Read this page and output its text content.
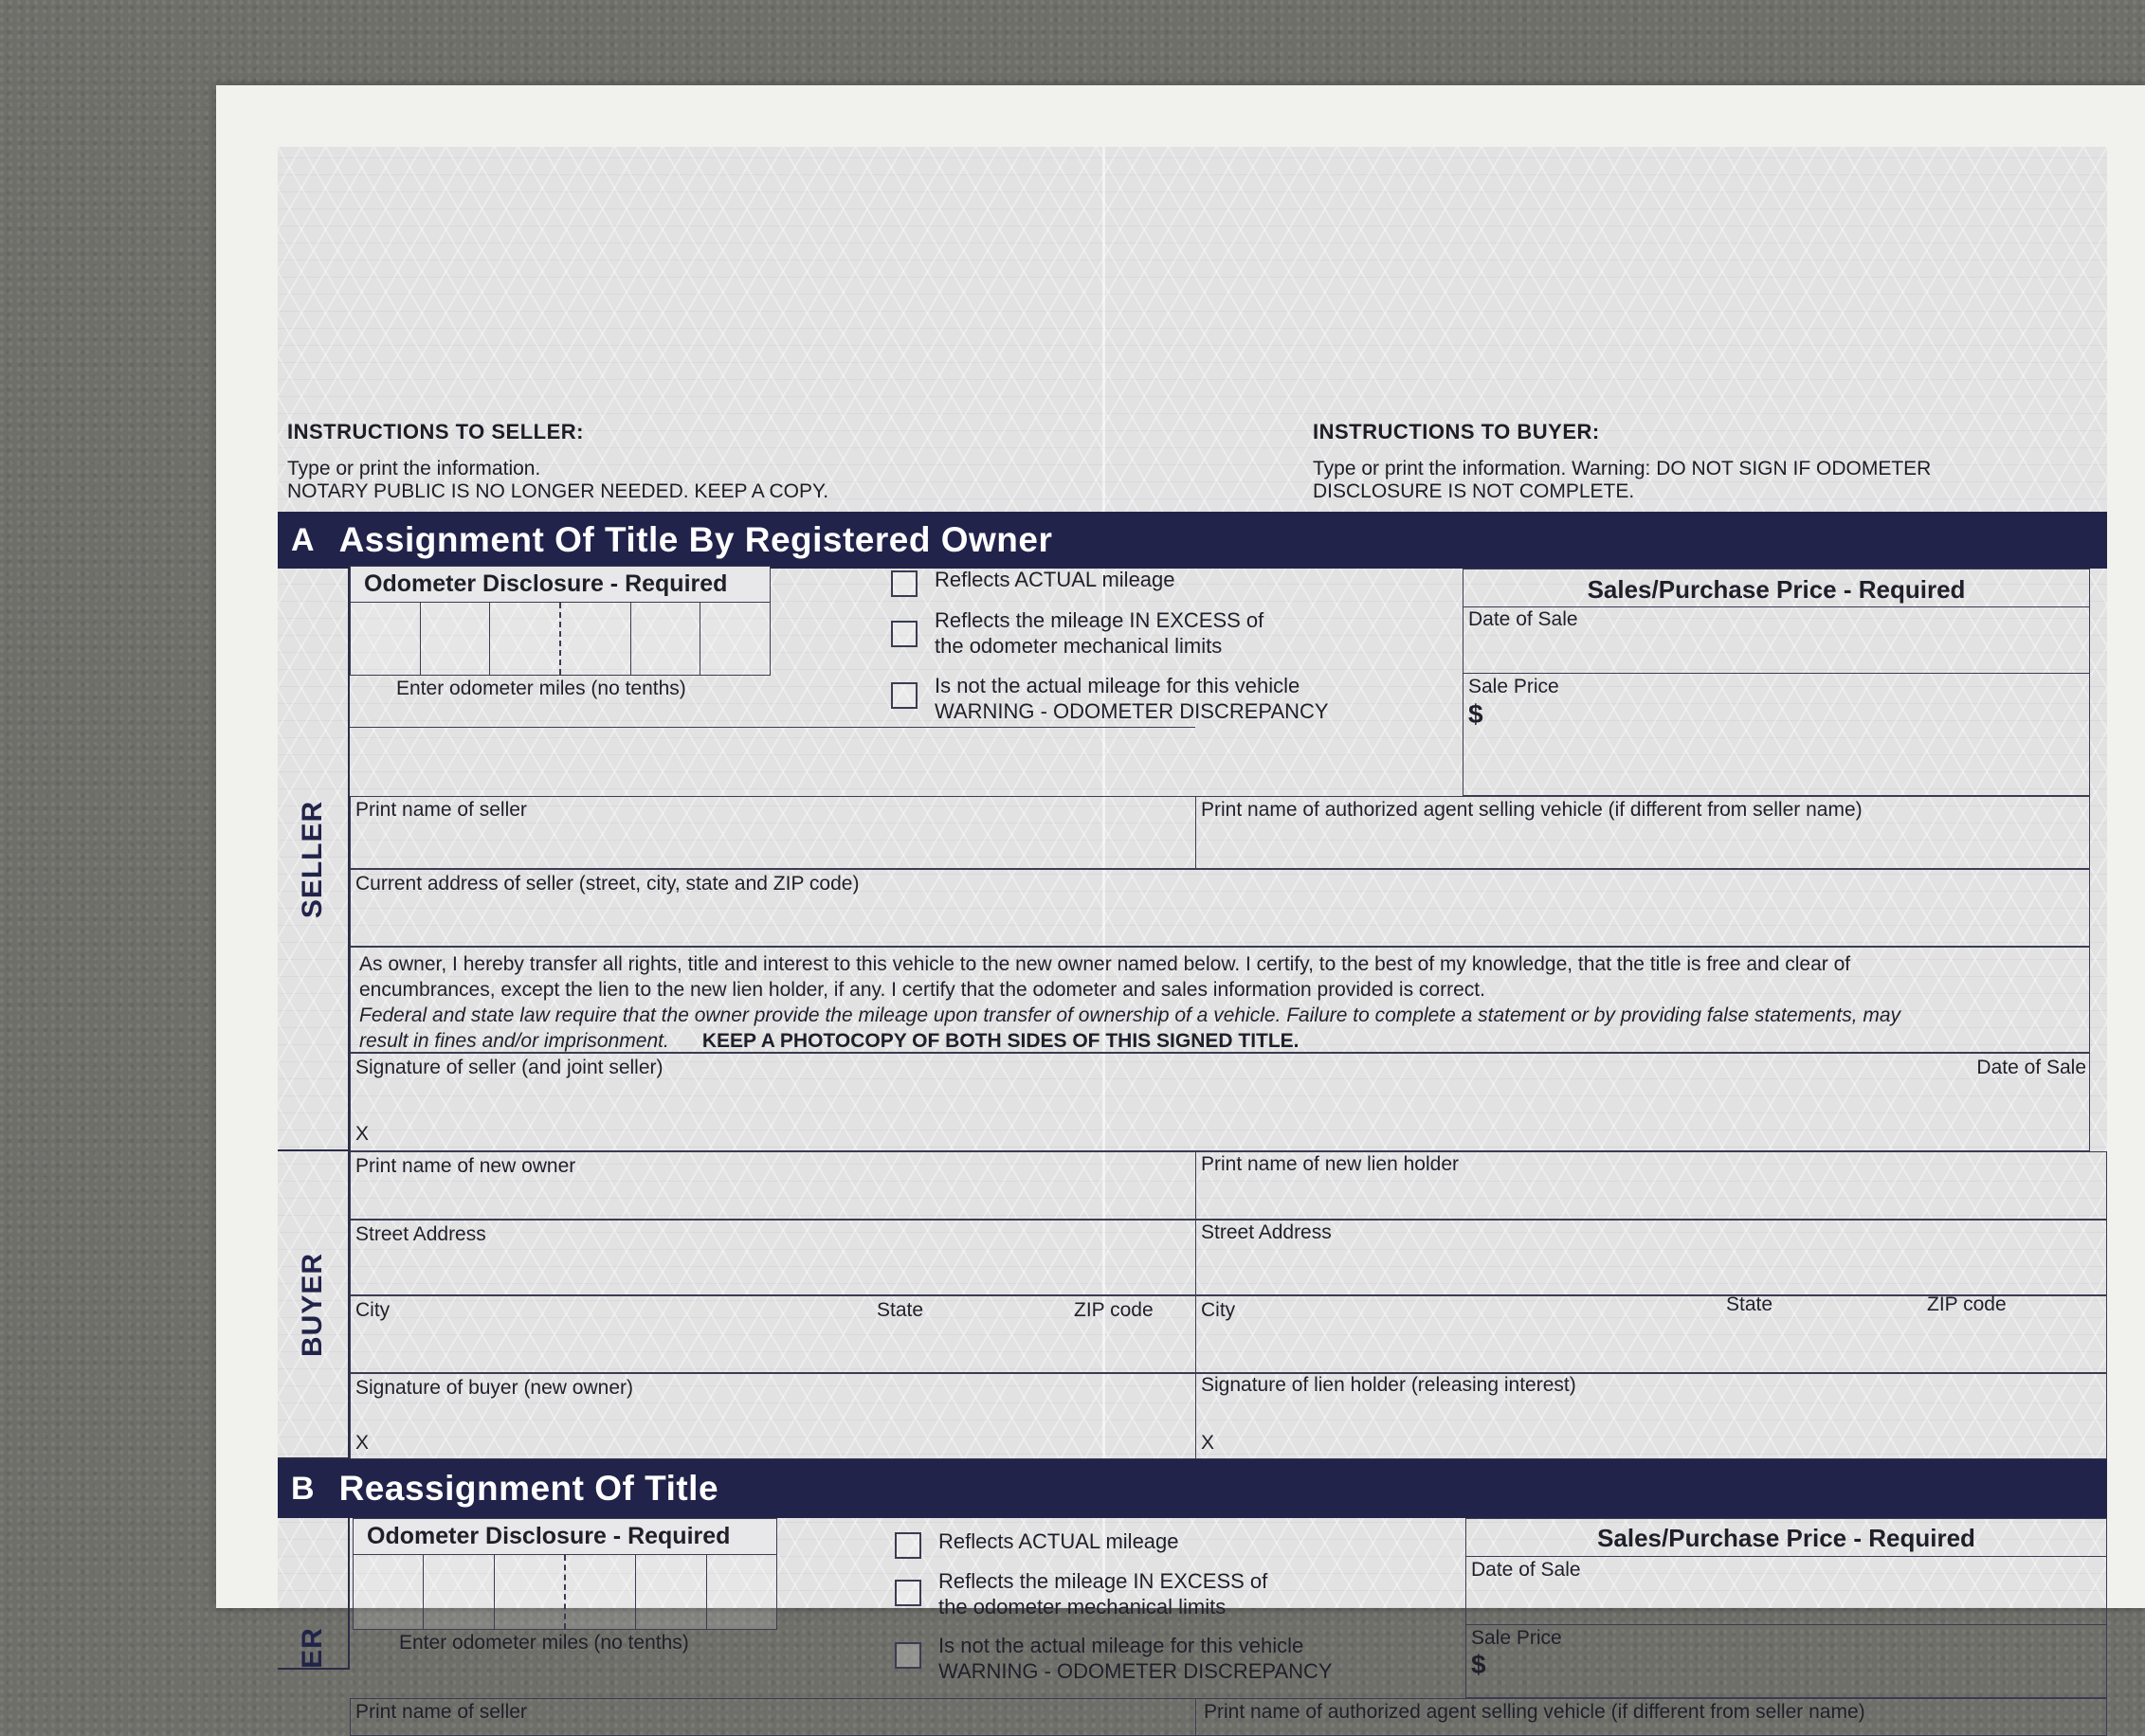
INSTRUCTIONS TO SELLER:
Type or print the information.
NOTARY PUBLIC IS NO LONGER NEEDED. KEEP A COPY.
INSTRUCTIONS TO BUYER:
Type or print the information. Warning: DO NOT SIGN IF ODOMETER
DISCLOSURE IS NOT COMPLETE.
A Assignment Of Title By Registered Owner
SELLER
BUYER
Odometer Disclosure - Required
Enter odometer miles (no tenths)
Reflects ACTUAL mileage
Reflects the mileage IN EXCESS of
the odometer mechanical limits
Is not the actual mileage for this vehicle
WARNING - ODOMETER DISCREPANCY
Sales/Purchase Price - Required
Date of Sale
Sale Price
$
Print name of seller	Print name of authorized agent selling vehicle (if different from seller name)
Current address of seller (street, city, state and ZIP code)
As owner, I hereby transfer all rights, title and interest to this vehicle to the new owner named below. I certify, to the best of my knowledge, that the title is free and clear of
encumbrances, except the lien to the new lien holder, if any. I certify that the odometer and sales information provided is correct.
Federal and state law require that the owner provide the mileage upon transfer of ownership of a vehicle. Failure to complete a statement or by providing false statements, may
result in fines and/or imprisonment. KEEP A PHOTOCOPY OF BOTH SIDES OF THIS SIGNED TITLE.
Signature of seller (and joint seller)	Date of Sale
X
Print name of new owner	Print name of new lien holder
Street Address	Street Address
City	State	ZIP code City	State	ZIP code
Signature of buyer (new owner)
X
Signature of lien holder (releasing interest)
X
B Reassignment Of Title
ER
Odometer Disclosure - Required
Enter odometer miles (no tenths)
Reflects ACTUAL mileage
Reflects the mileage IN EXCESS of
the odometer mechanical limits
Is not the actual mileage for this vehicle
WARNING - ODOMETER DISCREPANCY
Sales/Purchase Price - Required
Date of Sale
Sale Price
$
Print name of seller	Print name of authorized agent selling vehicle (if different from seller name)
